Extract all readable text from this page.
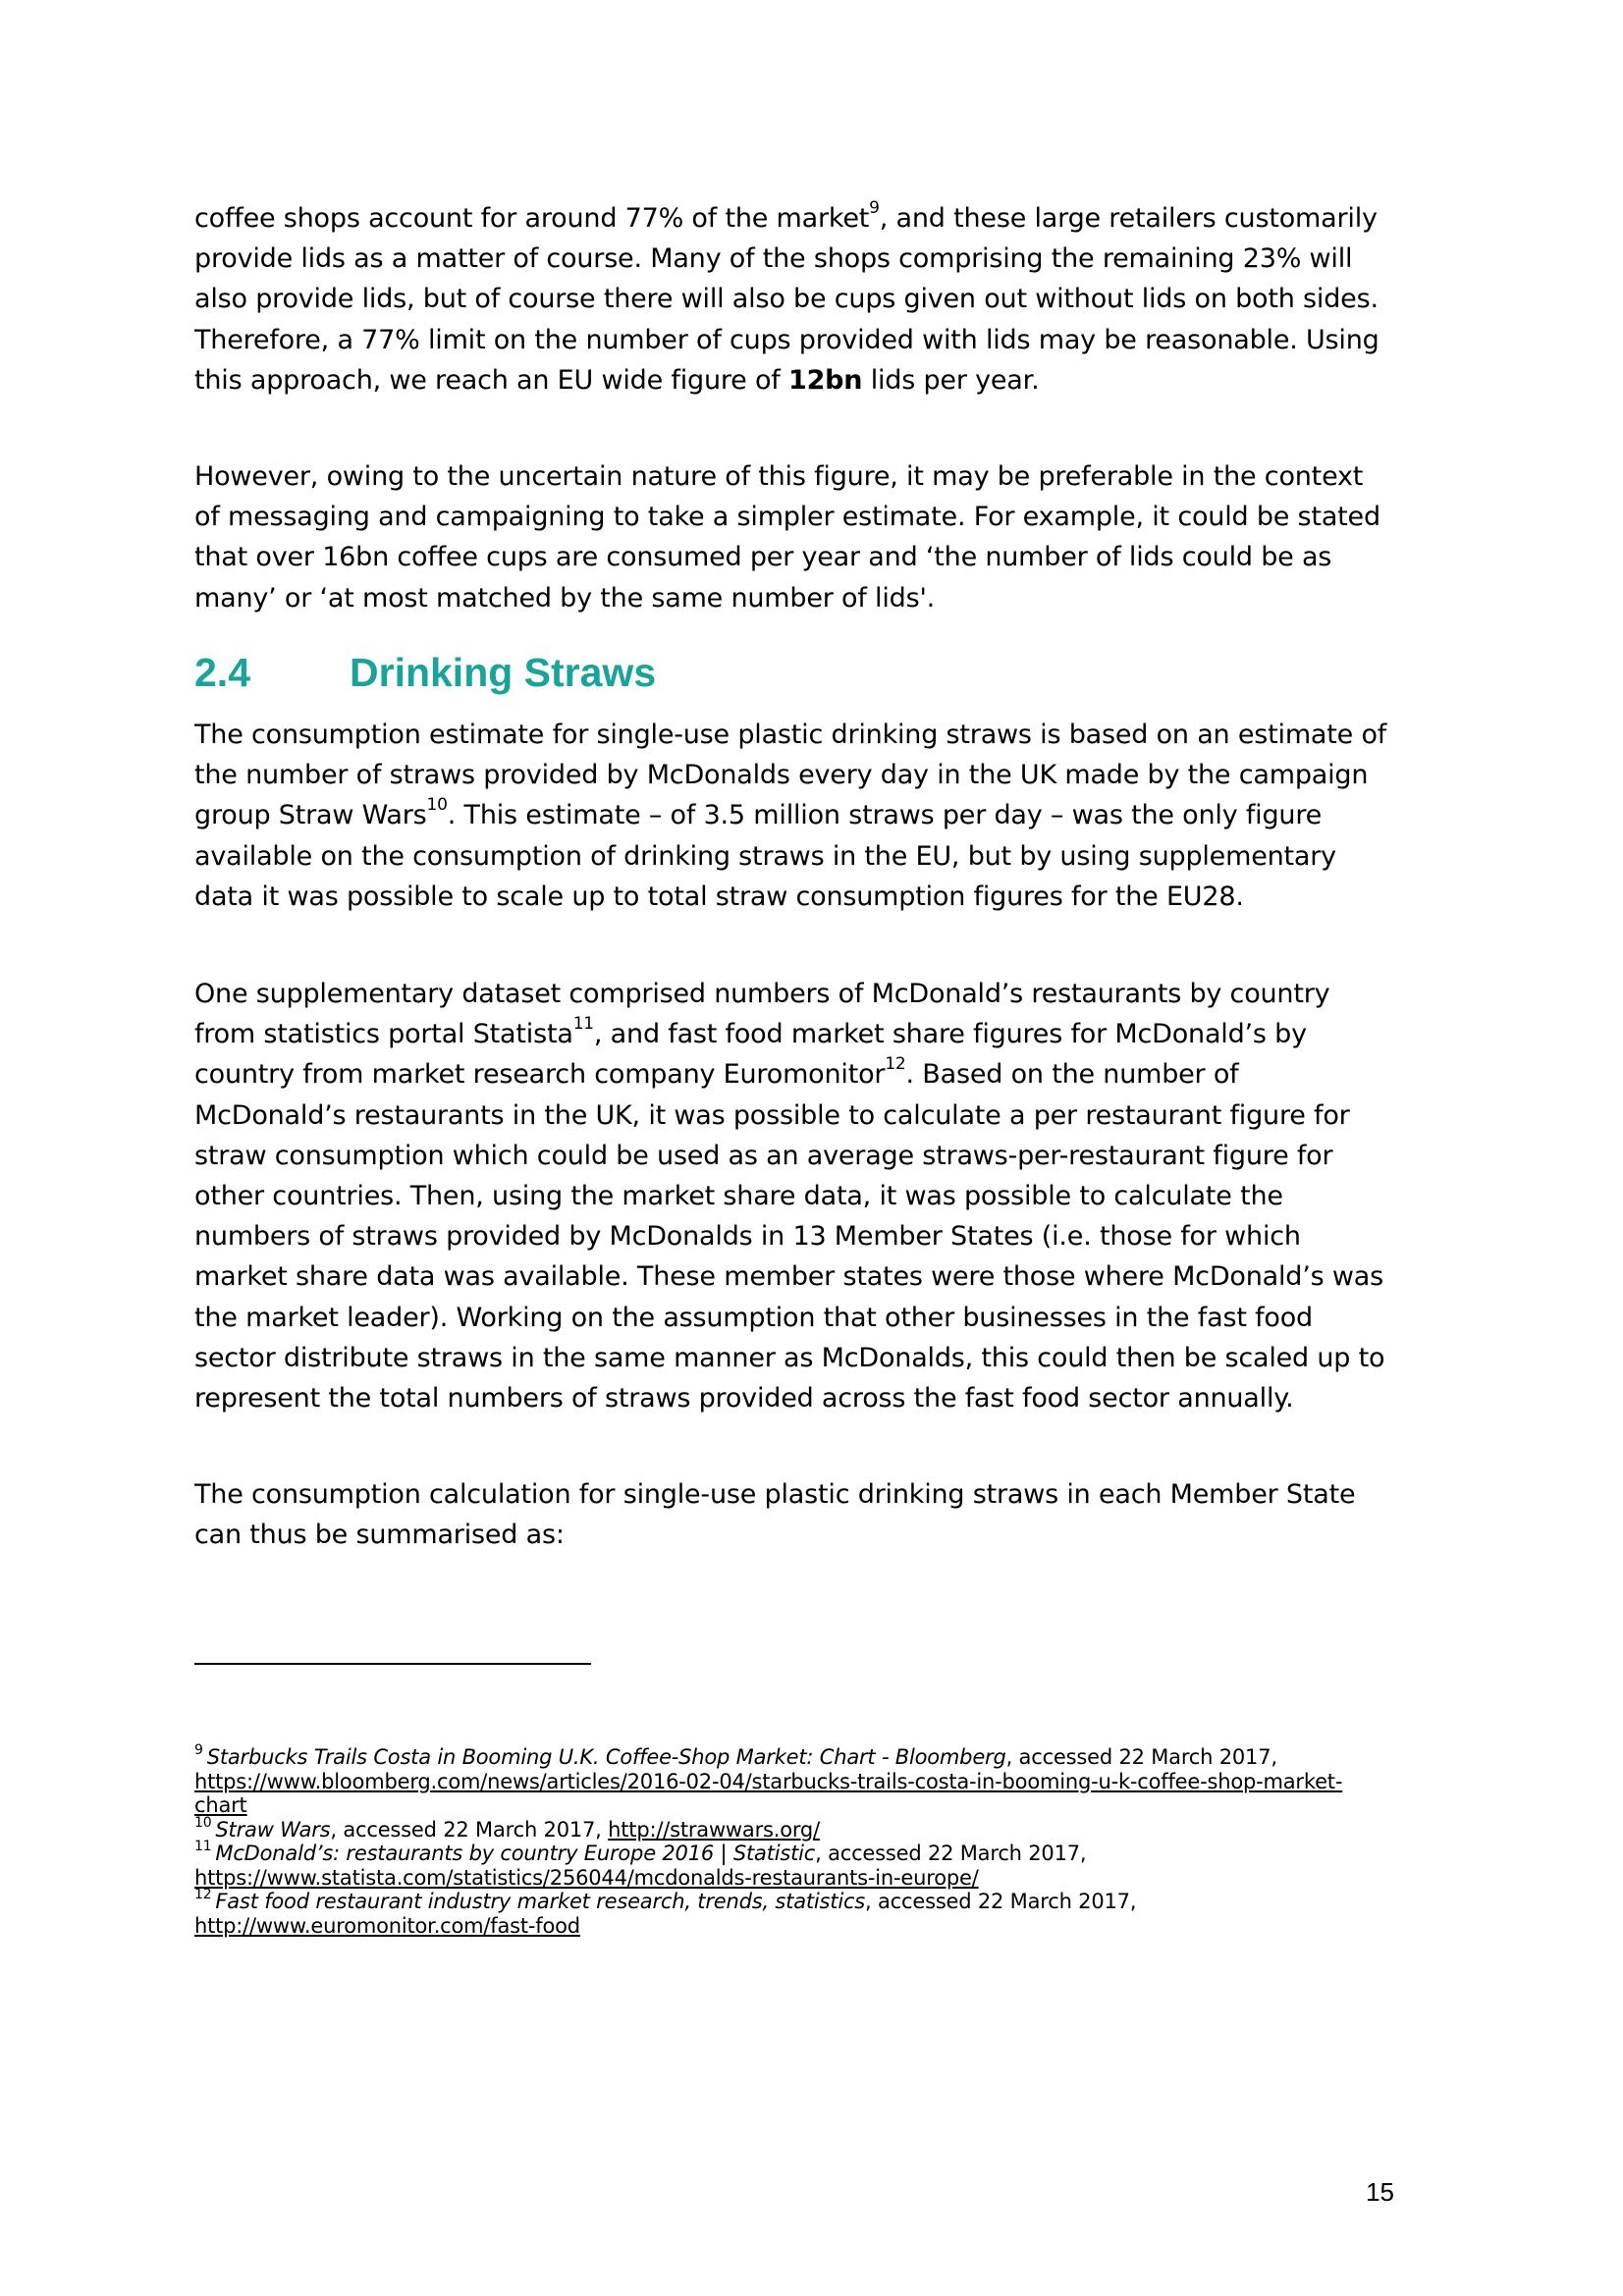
coffee shops account for around 77% of the market$^9$, and these large retailers customarily provide lids as a matter of course. Many of the shops comprising the remaining 23% will also provide lids, but of course there will also be cups given out without lids on both sides. Therefore, a 77% limit on the number of cups provided with lids may be reasonable. Using this approach, we reach an EU wide figure of 12bn lids per year.

However, owing to the uncertain nature of this figure, it may be preferable in the context of messaging and campaigning to take a simpler estimate. For example, it could be stated that over 16bn coffee cups are consumed per year and ‘the number of lids could be as many’ or ‘at most matched by the same number of lids'.

2.4 Drinking Straws

The consumption estimate for single-use plastic drinking straws is based on an estimate of the number of straws provided by McDonalds every day in the UK made by the campaign group Straw Wars$^{10}$. This estimate – of 3.5 million straws per day – was the only figure available on the consumption of drinking straws in the EU, but by using supplementary data it was possible to scale up to total straw consumption figures for the EU28.

One supplementary dataset comprised numbers of McDonald’s restaurants by country from statistics portal Statista$^{11}$, and fast food market share figures for McDonald’s by country from market research company Euromonitor$^{12}$. Based on the number of McDonald’s restaurants in the UK, it was possible to calculate a per restaurant figure for straw consumption which could be used as an average straws-per-restaurant figure for other countries. Then, using the market share data, it was possible to calculate the numbers of straws provided by McDonalds in 13 Member States (i.e. those for which market share data was available. These member states were those where McDonald’s was the market leader). Working on the assumption that other businesses in the fast food sector distribute straws in the same manner as McDonalds, this could then be scaled up to represent the total numbers of straws provided across the fast food sector annually.

The consumption calculation for single-use plastic drinking straws in each Member State can thus be summarised as:

$^9$ Starbucks Trails Costa in Booming U.K. Coffee-Shop Market: Chart - Bloomberg, accessed 22 March 2017,
https://www.bloomberg.com/news/articles/2016-02-04/starbucks-trails-costa-in-booming-u-k-coffee-shop-market-chart
$^{10}$ Straw Wars, accessed 22 March 2017, http://strawwars.org/
$^{11}$ McDonald’s: restaurants by country Europe 2016 | Statistic, accessed 22 March 2017,
https://www.statista.com/statistics/256044/mcdonalds-restaurants-in-europe/
$^{12}$ Fast food restaurant industry market research, trends, statistics, accessed 22 March 2017,
http://www.euromonitor.com/fast-food
15
